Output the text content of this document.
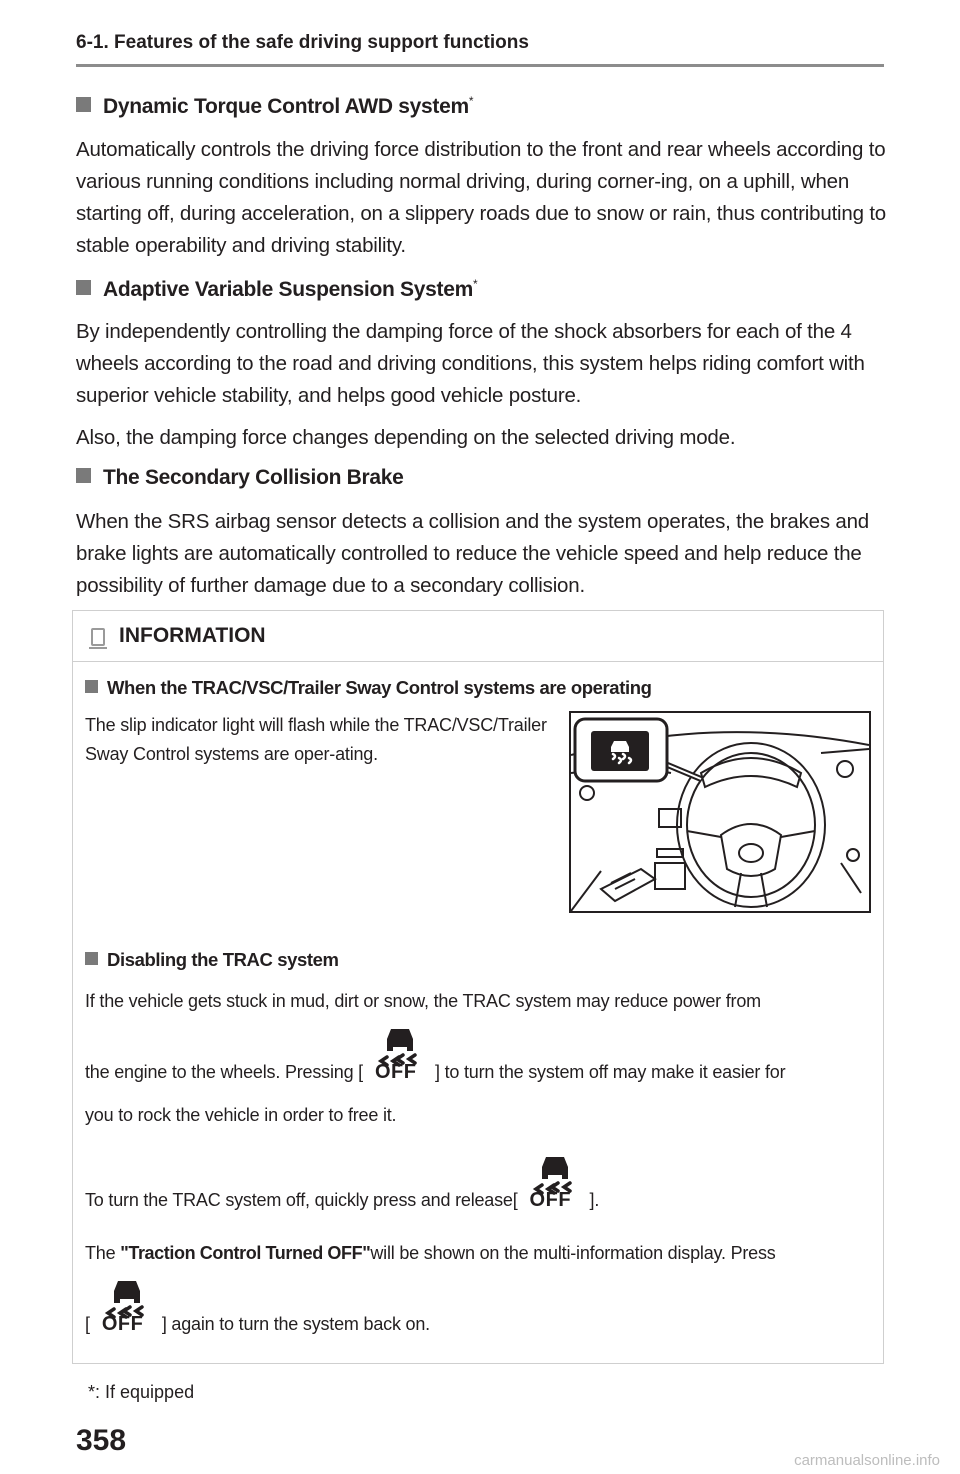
6-1. Features of the safe driving support functions
Dynamic Torque Control AWD system*
Automatically controls the driving force distribution to the front and rear wheels according to various running conditions including normal driving, during corner-ing, on a uphill, when starting off, during acceleration, on a slippery roads due to snow or rain, thus contributing to stable operability and driving stability.
Adaptive Variable Suspension System*
By independently controlling the damping force of the shock absorbers for each of the 4 wheels according to the road and driving conditions, this system helps riding comfort with superior vehicle stability, and helps good vehicle posture.
Also, the damping force changes depending on the selected driving mode.
The Secondary Collision Brake
When the SRS airbag sensor detects a collision and the system operates, the brakes and brake lights are automatically controlled to reduce the vehicle speed and help reduce the possibility of further damage due to a secondary collision.
INFORMATION
When the TRAC/VSC/Trailer Sway Control systems are operating
The slip indicator light will flash while the TRAC/VSC/Trailer Sway Control systems are oper-ating.
Disabling the TRAC system
If the vehicle gets stuck in mud, dirt or snow, the TRAC system may reduce power from
the engine to the wheels. Pressing [ OFF ] to turn the system off may make it easier for
you to rock the vehicle in order to free it.
To turn the TRAC system off, quickly press and release[ OFF ].
The "Traction Control Turned OFF"will be shown on the multi-information display. Press
[ OFF ] again to turn the system back on.
*: If equipped
358
carmanualsonline.info
